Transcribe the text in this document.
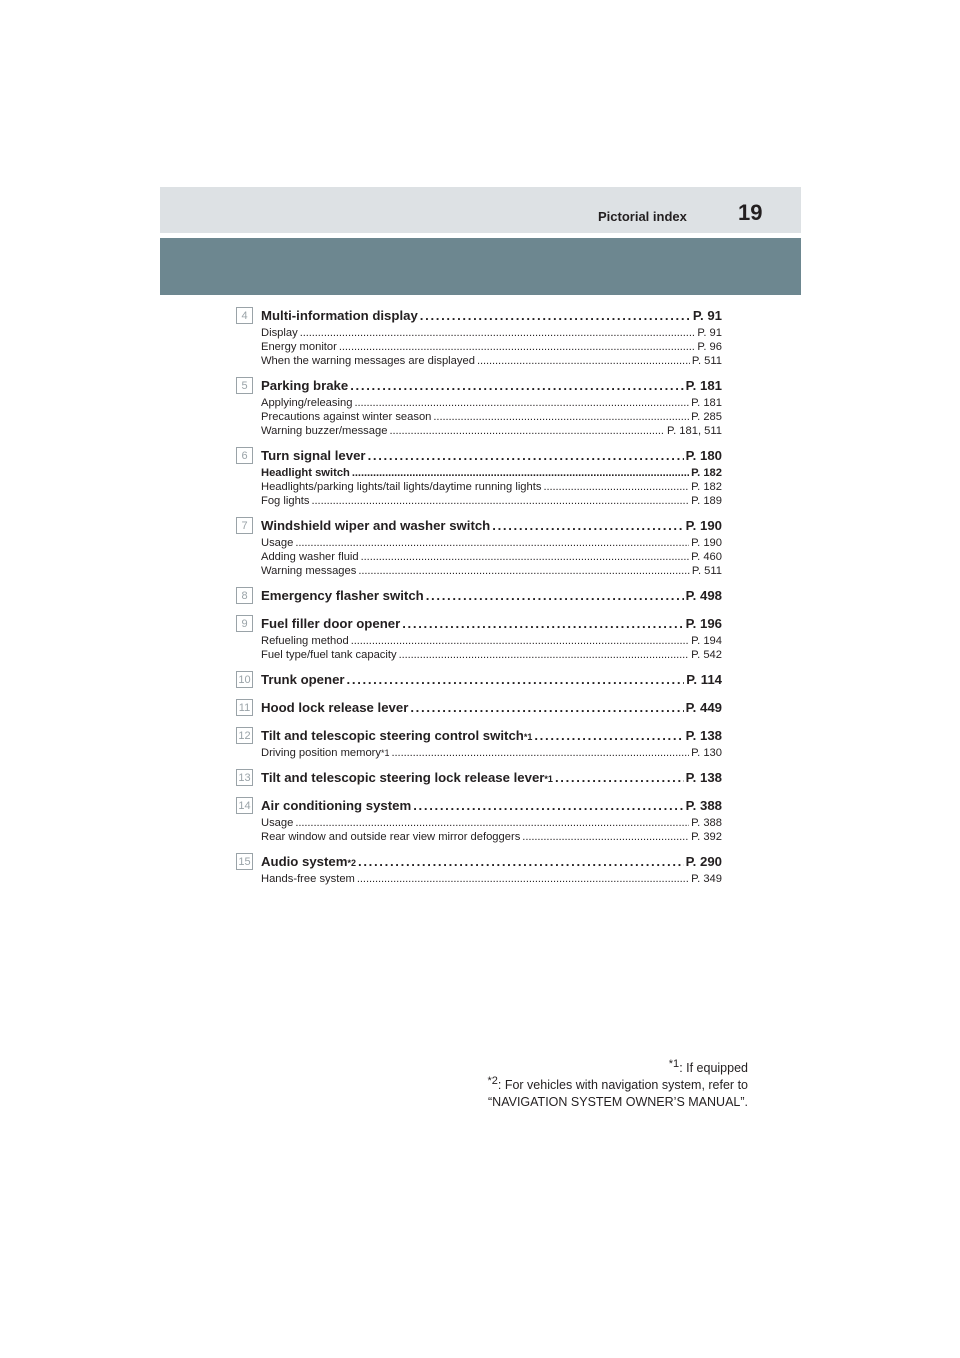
Pictorial index 19
4	Multi-information display . . .	P. 91
Display . . .	P. 91
Energy monitor . . .	P. 96
When the warning messages are displayed . . .	P. 511
5	Parking brake . . .	P. 181
Applying/releasing . . .	P. 181
Precautions against winter season . . .	P. 285
Warning buzzer/message . . .	P. 181, 511
6	Turn signal lever . . .	P. 180
Headlight switch . . .	P. 182
Headlights/parking lights/tail lights/daytime running lights . . .	P. 182
Fog lights . . .	P. 189
7	Windshield wiper and washer switch . . .	P. 190
Usage . . .	P. 190
Adding washer fluid . . .	P. 460
Warning messages . . .	P. 511
8	Emergency flasher switch . . .	P. 498
9	Fuel filler door opener . . .	P. 196
Refueling method . . .	P. 194
Fuel type/fuel tank capacity . . .	P. 542
10 Trunk opener . . .	P. 114
11 Hood lock release lever . . .	P. 449
12 Tilt and telescopic steering control switch *1 . . .	P. 138
Driving position memory *1 . . .	P. 130
13 Tilt and telescopic steering lock release lever *1 . . .	P. 138
14 Air conditioning system . . .	P. 388
Usage . . .	P. 388
Rear window and outside rear view mirror defoggers . . .	P. 392
15 Audio system *2 . . .	P. 290
Hands-free system . . .	P. 349
$^{*1}$: If equipped
$^{*2}$: For vehicles with navigation system, refer to
“NAVIGATION SYSTEM OWNER’S MANUAL”.
